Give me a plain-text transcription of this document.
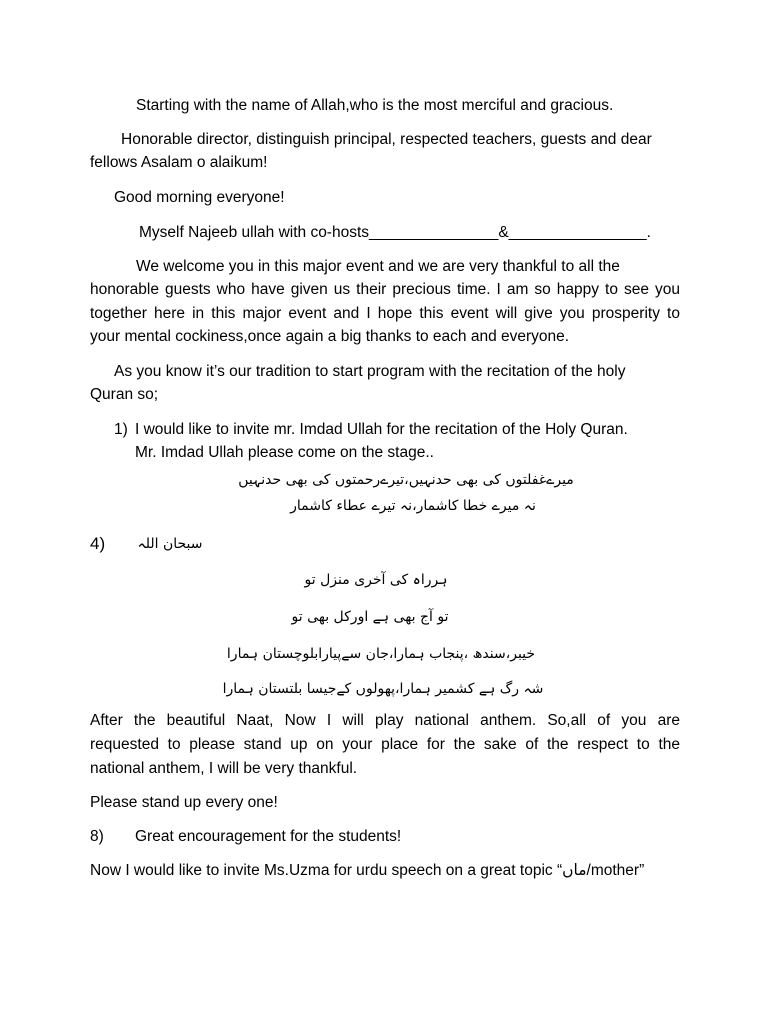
Starting with the name of Allah,who is the most merciful and gracious.
Honorable director, distinguish principal, respected teachers, guests and dear
fellows Asalam o alaikum!
Good morning everyone!
Myself Najeeb ullah with co-hosts_______________&________________.
We welcome you in this major event and we are very thankful to all the
honorable guests who have given us their precious time. I am so happy to see you
together here in this major event and I hope this event will give you prosperity to
your mental cockiness,once again a big thanks to each and everyone.
As you know it’s our tradition to start program with the recitation of the holy
Quran so;
1) I would like to invite mr. Imdad Ullah for the recitation of the Holy Quran.
Mr. Imdad Ullah please come on the stage..
میرےغفلتوں کی بھی حدنہیں،تیرےرحمتوں کی بھی حدنہیں
نہ میرے خطا کاشمار،نہ تیرے عطاء کاشمار
4)	سبحان اللہ
ہرراہ کی آخری منزل تو
تو آج بھی ہے اورکل بھی تو
خیبر،سندھ ،پنجاب ہمارا،جان سےپیارابلوچستان ہمارا
شہ رگ ہے کشمیر ہمارا،پھولوں کےجیسا بلتستان ہمارا
After the beautiful Naat, Now I will play national anthem. So,all of you are
requested to please stand up on your place for the sake of the respect to the
national anthem, I will be very thankful.
Please stand up every one!
8)	Great encouragement for the students!
Now I would like to invite Ms.Uzma for urdu speech on a great topic “ماں/mother”
